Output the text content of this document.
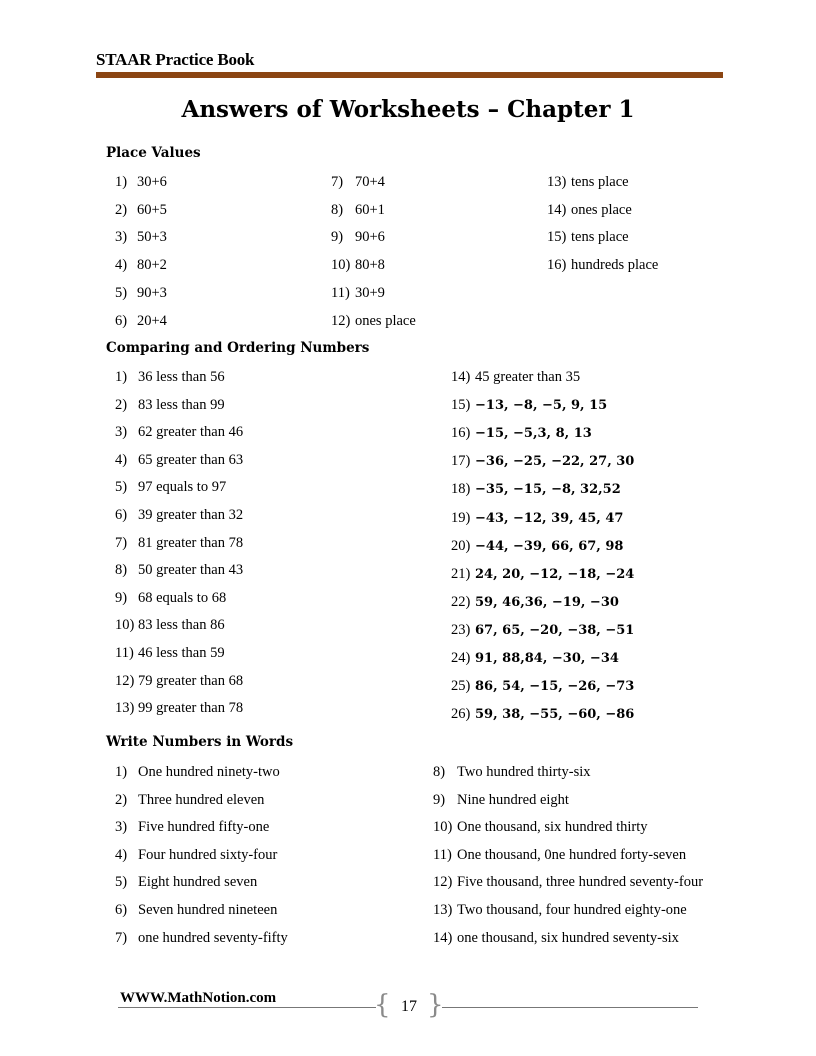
STAAR Practice Book
Answers of Worksheets – Chapter 1
Place Values
1) 30+6
2) 60+5
3) 50+3
4) 80+2
5) 90+3
6) 20+4
7) 70+4
8) 60+1
9) 90+6
10) 80+8
11) 30+9
12) ones place
13) tens place
14) ones place
15) tens place
16) hundreds place
Comparing and Ordering Numbers
1) 36 less than 56
2) 83 less than 99
3) 62 greater than 46
4) 65 greater than 63
5) 97 equals to 97
6) 39 greater than 32
7) 81 greater than 78
8) 50 greater than 43
9) 68 equals to 68
10) 83 less than 86
11) 46 less than 59
12) 79 greater than 68
13) 99 greater than 78
14) 45 greater than 35
15) −13, −8, −5, 9, 15
16) −15, −5,3, 8, 13
17) −36, −25, −22, 27, 30
18) −35, −15, −8, 32,52
19) −43, −12, 39, 45, 47
20) −44, −39, 66, 67, 98
21) 24, 20, −12, −18, −24
22) 59, 46,36, −19, −30
23) 67, 65, −20, −38, −51
24) 91, 88,84, −30, −34
25) 86, 54, −15, −26, −73
26) 59, 38, −55, −60, −86
Write Numbers in Words
1) One hundred ninety-two
2) Three hundred eleven
3) Five hundred fifty-one
4) Four hundred sixty-four
5) Eight hundred seven
6) Seven hundred nineteen
7) one hundred seventy-fifty
8) Two hundred thirty-six
9) Nine hundred eight
10) One thousand, six hundred thirty
11) One thousand, 0ne hundred forty-seven
12) Five thousand, three hundred seventy-four
13) Two thousand, four hundred eighty-one
14) one thousand, six hundred seventy-six
WWW.MathNotion.com	{ 17 }
